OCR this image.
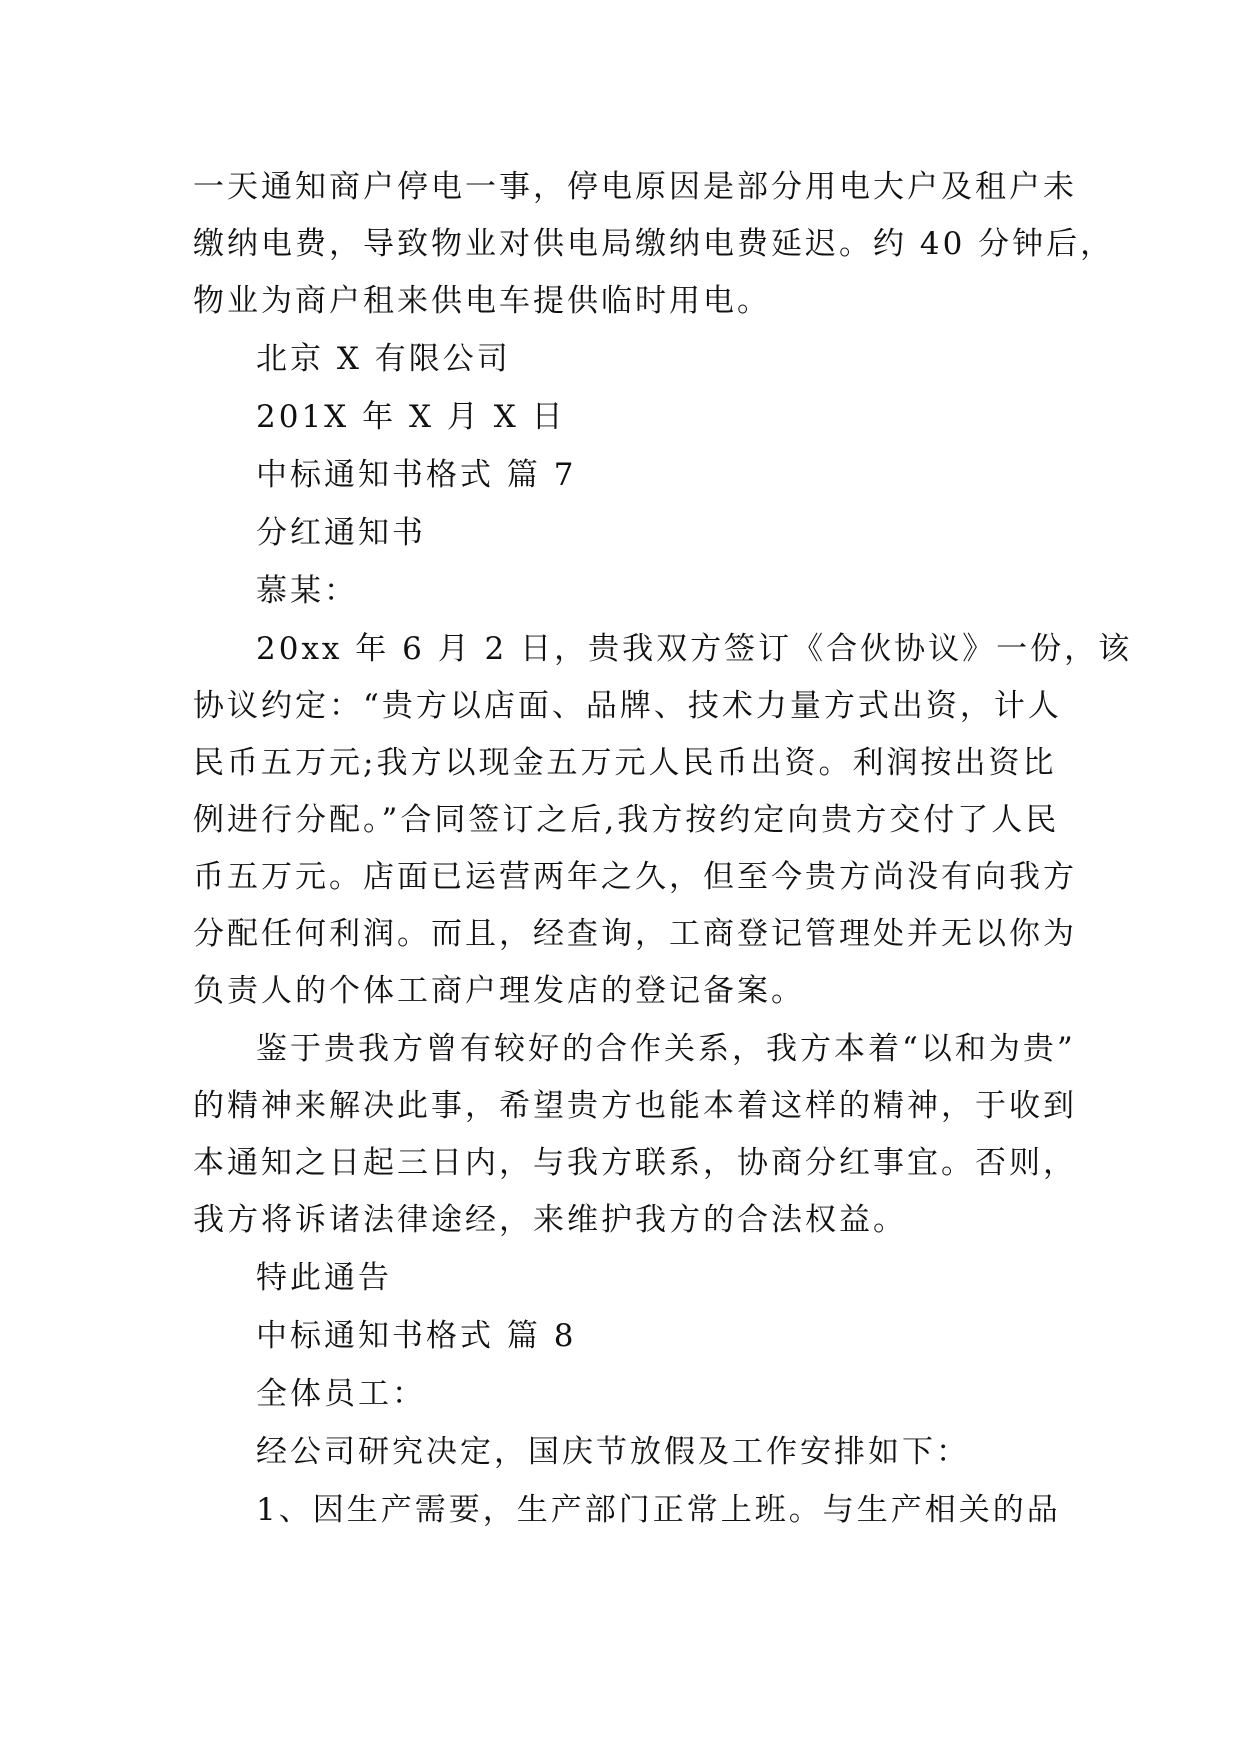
一天通知商户停电一事，停电原因是部分用电大户及租户未
缴纳电费，导致物业对供电局缴纳电费延迟。约 40 分钟后，
物业为商户租来供电车提供临时用电。
北京 X 有限公司
201X 年 X 月 X 日
中标通知书格式 篇 7
分红通知书
慕某：
20xx 年 6 月 2 日，贵我双方签订《合伙协议》一份，该
协议约定：“贵方以店面、品牌、技术力量方式出资，计人
民币五万元;我方以现金五万元人民币出资。利润按出资比
例进行分配。”合同签订之后,我方按约定向贵方交付了人民
币五万元。店面已运营两年之久，但至今贵方尚没有向我方
分配任何利润。而且，经查询，工商登记管理处并无以你为
负责人的个体工商户理发店的登记备案。
鉴于贵我方曾有较好的合作关系，我方本着“以和为贵”
的精神来解决此事，希望贵方也能本着这样的精神，于收到
本通知之日起三日内，与我方联系，协商分红事宜。否则，
我方将诉诸法律途经，来维护我方的合法权益。
特此通告
中标通知书格式 篇 8
全体员工：
经公司研究决定，国庆节放假及工作安排如下：
1、因生产需要，生产部门正常上班。与生产相关的品
